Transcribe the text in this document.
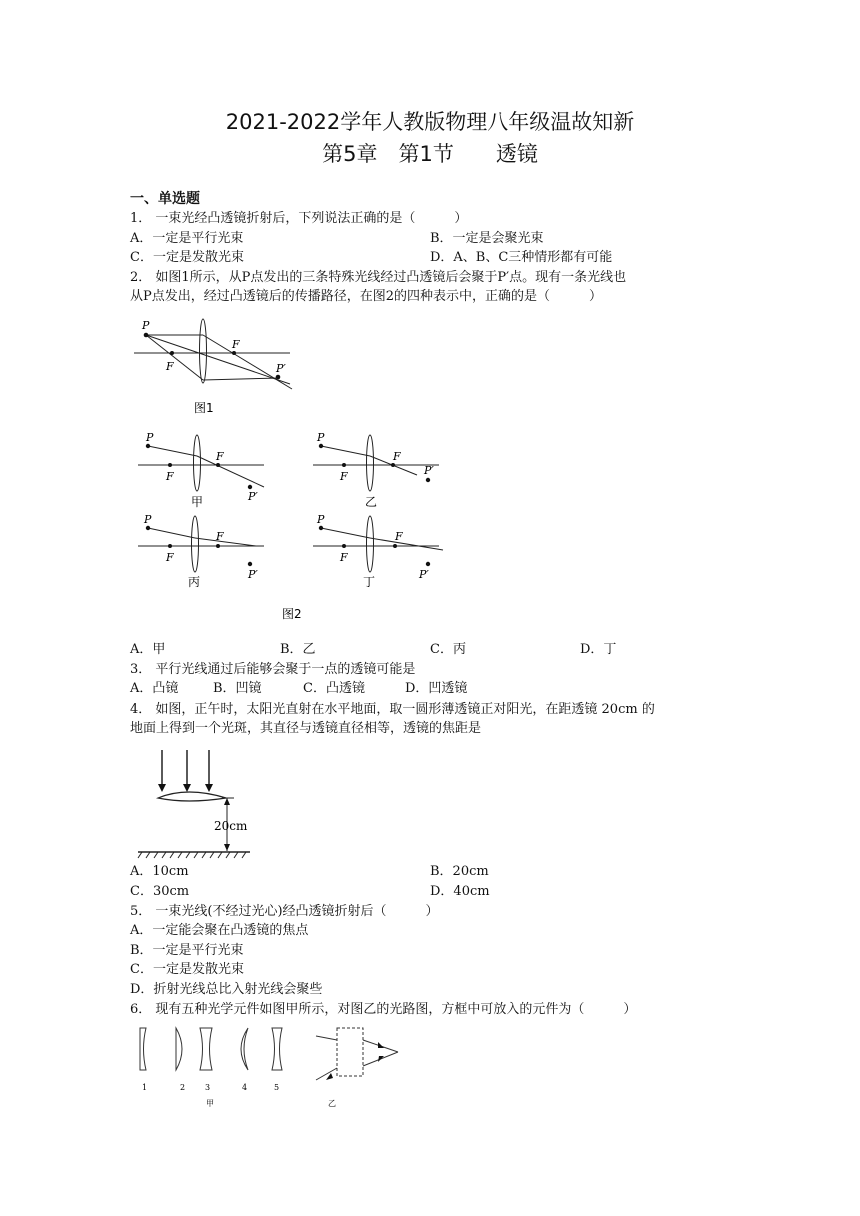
2021-2022学年人教版物理八年级温故知新
第5章　第1节　　透镜
一、单选题
1． 一束光经凸透镜折射后，下列说法正确的是（　　　）
A．一定是平行光束	B．一定是会聚光束
C．一定是发散光束	D．A、B、C三种情形都有可能
2． 如图1所示，从P点发出的三条特殊光线经过凸透镜后会聚于P′点。现有一条光线也
从P点发出，经过凸透镜后的传播路径，在图2的四种表示中，正确的是（　　　）
P
F
F
P′
图1
P
F
F
P′
甲
P
F
F
P′
乙
P
F
F
P′
丙
P
F
F
P′
丁
图2
A．甲	B．乙	C．丙	D．丁
3． 平行光线通过后能够会聚于一点的透镜可能是
A．凸镜	B．凹镜	C．凸透镜	D．凹透镜
4． 如图，正午时，太阳光直射在水平地面，取一圆形薄透镜正对阳光，在距透镜 20cm 的
地面上得到一个光斑，其直径与透镜直径相等，透镜的焦距是
20cm
A．10cm	B．20cm
C．30cm	D．40cm
5． 一束光线(不经过光心)经凸透镜折射后（　　　）
A．一定能会聚在凸透镜的焦点
B．一定是平行光束
C．一定是发散光束
D．折射光线总比入射光线会聚些
6． 现有五种光学元件如图甲所示，对图乙的光路图，方框中可放入的元件为（　　　）
1	2 3	4	5
甲	乙
